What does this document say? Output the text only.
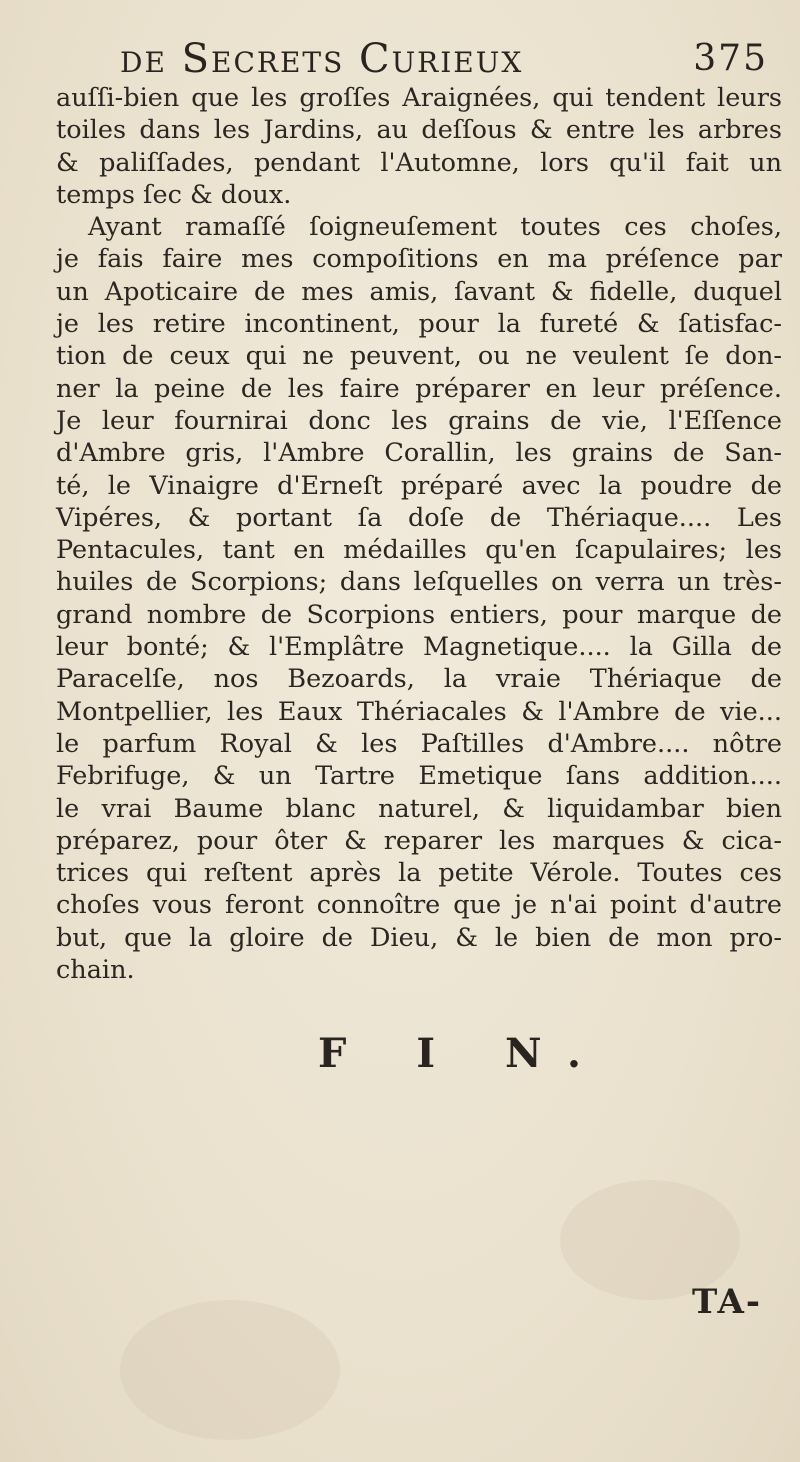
de Secrets Curieux	375
auſſi-bien que les groſſes Araignées, qui tendent leurs
toiles dans les Jardins, au deſſous & entre les arbres
& paliſſades, pendant l'Automne, lors qu'il fait un
temps ſec & doux.
Ayant ramaſſé ſoigneuſement toutes ces choſes,
je fais faire mes compoſitions en ma préſence par
un Apoticaire de mes amis, ſavant & fidelle, duquel
je les retire incontinent, pour la fureté & ſatisfac-
tion de ceux qui ne peuvent, ou ne veulent ſe don-
ner la peine de les faire préparer en leur préſence.
Je leur fournirai donc les grains de vie, l'Eſſence
d'Ambre gris, l'Ambre Corallin, les grains de San-
té, le Vinaigre d'Erneſt préparé avec la poudre de
Vipéres, & portant ſa doſe de Thériaque.... Les
Pentacules, tant en médailles qu'en ſcapulaires; les
huiles de Scorpions; dans leſquelles on verra un très-
grand nombre de Scorpions entiers, pour marque de
leur bonté; & l'Emplâtre Magnetique.... la Gilla de
Paracelſe, nos Bezoards, la vraie Thériaque de
Montpellier, les Eaux Thériacales & l'Ambre de vie...
le parfum Royal & les Paſtilles d'Ambre.... nôtre
Febrifuge, & un Tartre Emetique ſans addition....
le vrai Baume blanc naturel, & liquidambar bien
préparez, pour ôter & reparer les marques & cica-
trices qui reſtent après la petite Vérole. Toutes ces
choſes vous feront connoître que je n'ai point d'autre
but, que la gloire de Dieu, & le bien de mon pro-
chain.
F I N.
TA-
